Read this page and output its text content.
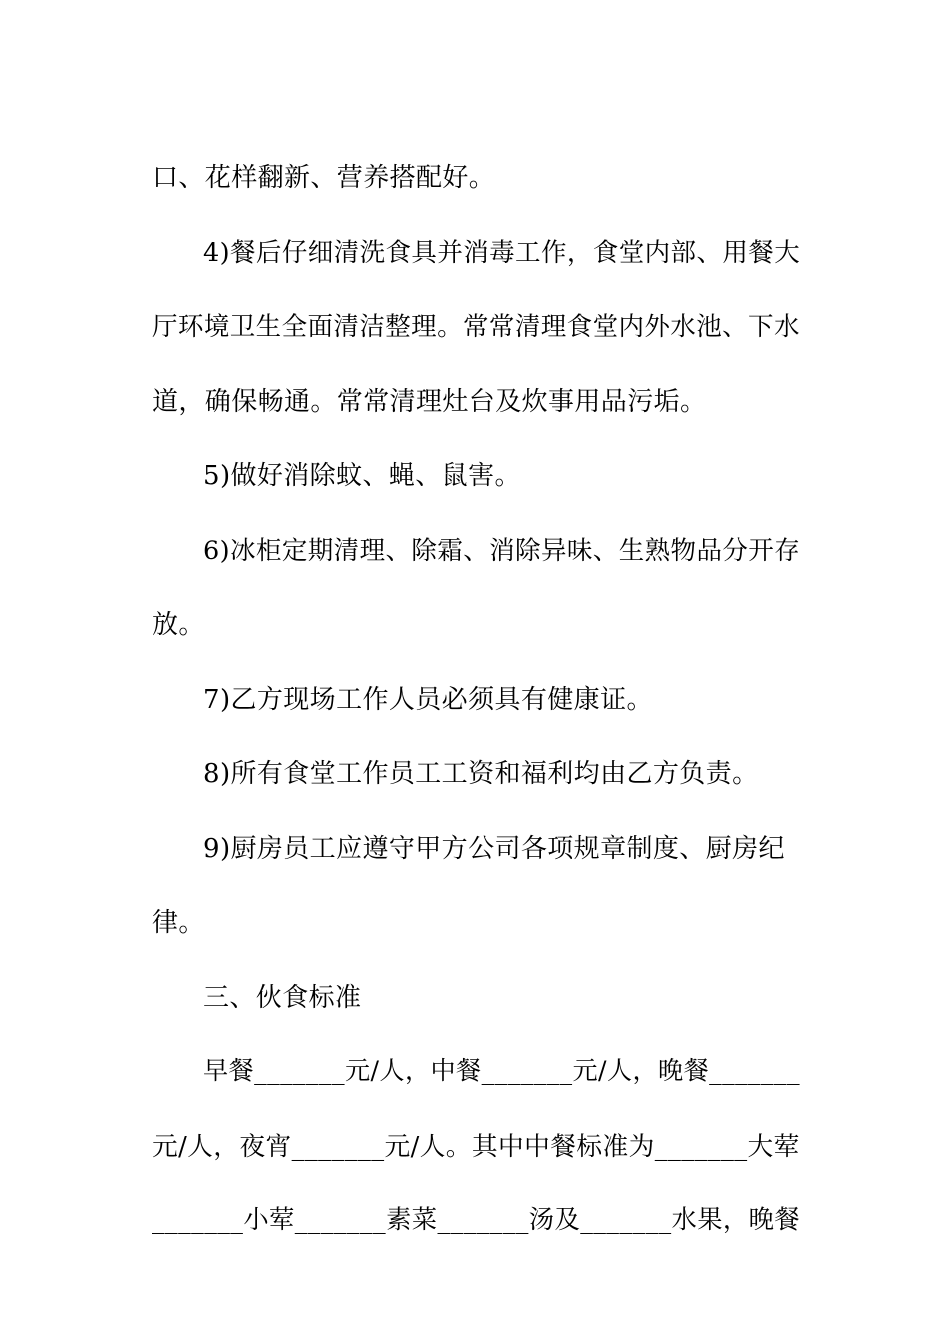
口、花样翻新、营养搭配好。

4)餐后仔细清洗食具并消毒工作，食堂内部、用餐大

厅环境卫生全面清洁整理。常常清理食堂内外水池、下水

道，确保畅通。常常清理灶台及炊事用品污垢。

5)做好消除蚊、蝇、鼠害。

6)冰柜定期清理、除霜、消除异味、生熟物品分开存

放。

7)乙方现场工作人员必须具有健康证。

8)所有食堂工作员工工资和福利均由乙方负责。

9)厨房员工应遵守甲方公司各项规章制度、厨房纪

律。

三、伙食标准

早餐_______元/人，中餐_______元/人，晚餐_______

元/人，夜宵_______元/人。其中中餐标准为_______大荤

_______小荤_______素菜_______汤及_______水果，晚餐
